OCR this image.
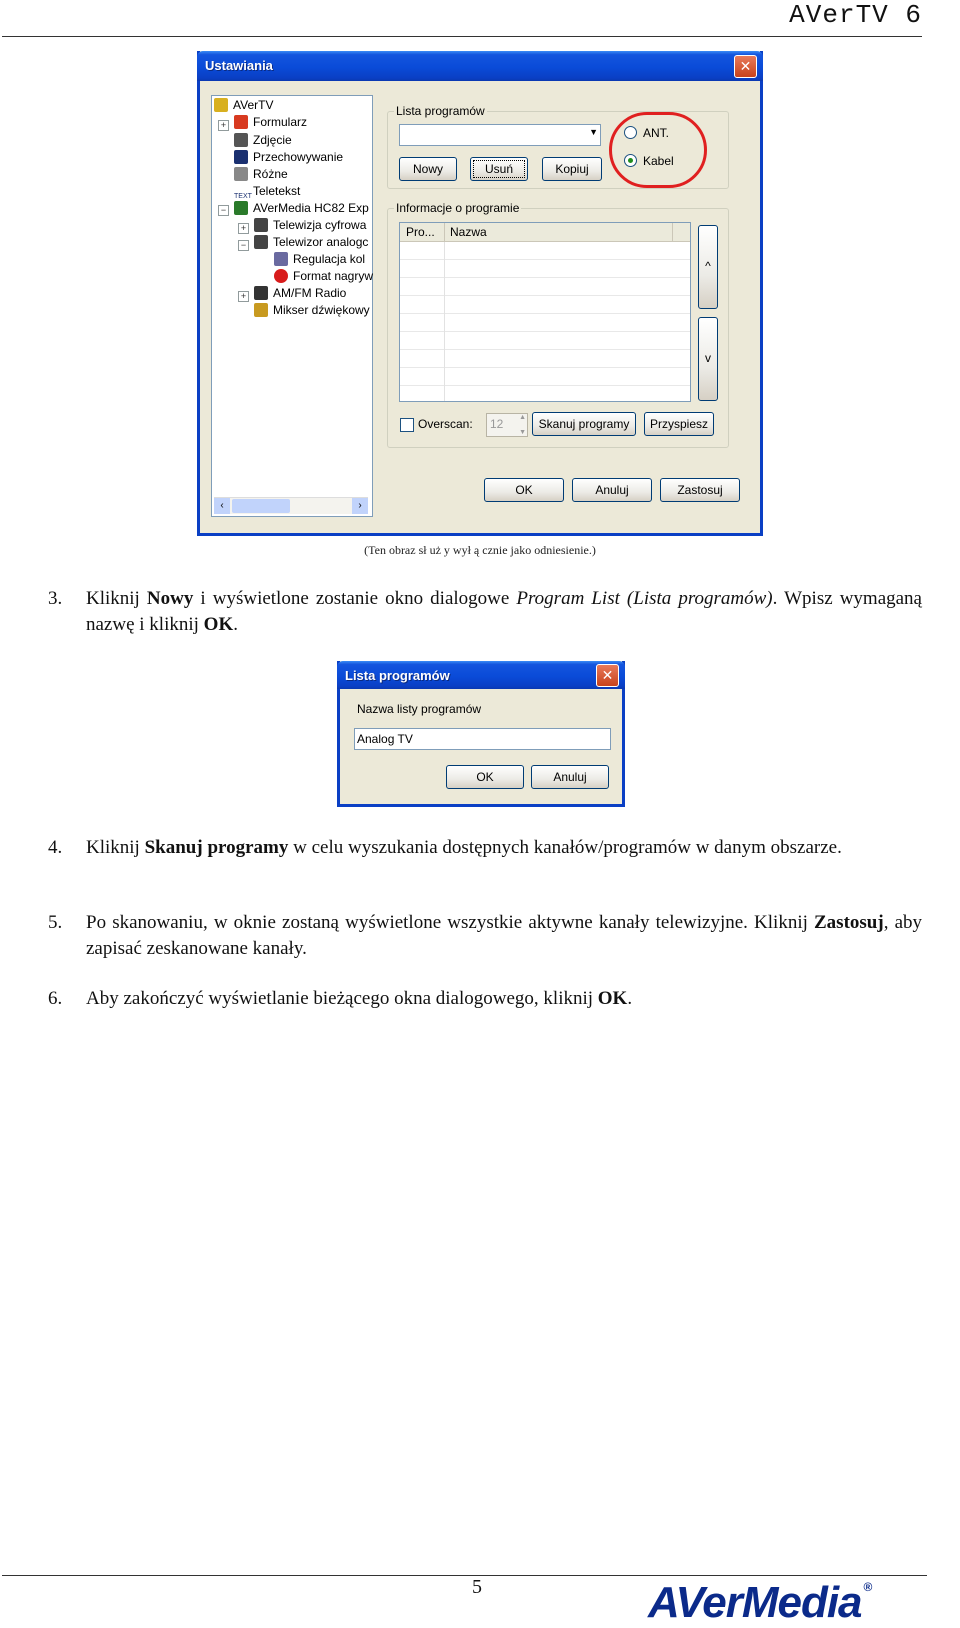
AVerTV 6
Ustawiania	✕
AVerTV
+	Formularz
Zdjęcie
Przechowywanie
Różne
TEXTTeletekst
−	AVerMedia HC82 Exp
+	Telewizja cyfrowa
−	Telewizor analogc
Regulacja kol
Format nagryw
+	AM/FM Radio
Mikser dźwiękowy
‹	›
Lista programów
▼
Nowy	Usuń	Kopiuj
ANT.
Kabel
Informacje o programie
Pro... Nazwa
^
v
Overscan: 12 ▲
▼
Skanuj programy	Przyspiesz
OK	Anuluj	Zastosuj
(Ten obraz sł uż y wył ą cznie jako odniesienie.)
3. Kliknij Nowy i wyświetlone zostanie okno dialogowe Program List (Lista programów). Wpisz wymaganą nazwę i kliknij OK.
Lista programów	✕
Nazwa listy programów
Analog TV
OK	Anuluj
4. Kliknij Skanuj programy w celu wyszukania dostępnych kanałów/programów w danym obszarze.
5. Po skanowaniu, w oknie zostaną wyświetlone wszystkie aktywne kanały telewizyjne. Kliknij Zastosuj, aby zapisać zeskanowane kanały.
6. Aby zakończyć wyświetlanie bieżącego okna dialogowego, kliknij OK.
5	AVerMedia ®
